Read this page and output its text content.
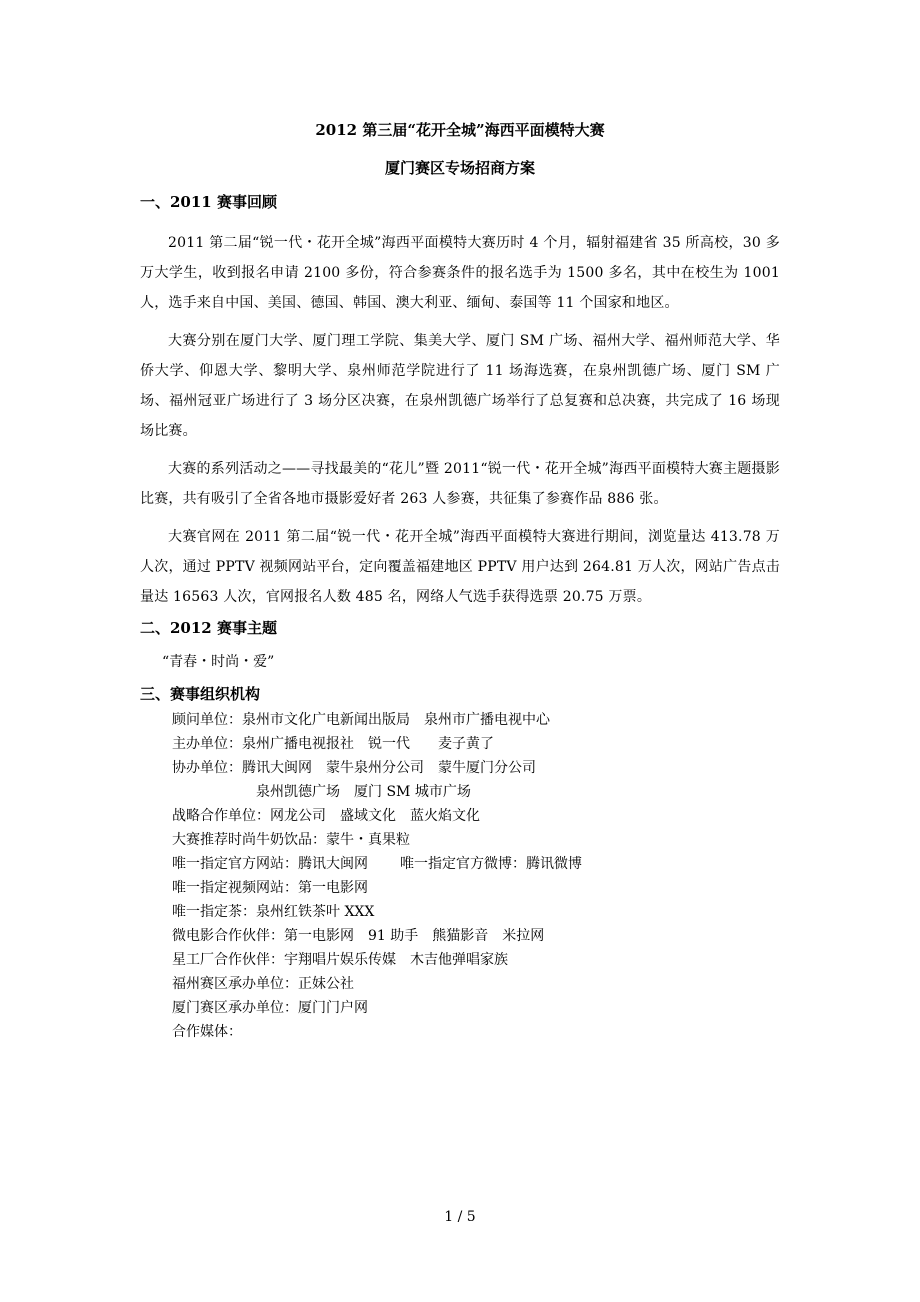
2012 第三届“花开全城”海西平面模特大赛
厦门赛区专场招商方案
一、2011 赛事回顾

2011 第二届“锐一代・花开全城”海西平面模特大赛历时 4 个月，辐射福建省 35 所高校，30 多万大学生，收到报名申请 2100 多份，符合参赛条件的报名选手为 1500 多名，其中在校生为 1001 人，选手来自中国、美国、德国、韩国、澳大利亚、缅甸、泰国等 11 个国家和地区。

大赛分别在厦门大学、厦门理工学院、集美大学、厦门 SM 广场、福州大学、福州师范大学、华侨大学、仰恩大学、黎明大学、泉州师范学院进行了 11 场海选赛，在泉州凯德广场、厦门 SM 广场、福州冠亚广场进行了 3 场分区决赛，在泉州凯德广场举行了总复赛和总决赛，共完成了 16 场现场比赛。

大赛的系列活动之——寻找最美的“花儿”暨 2011“锐一代・花开全城”海西平面模特大赛主题摄影比赛，共有吸引了全省各地市摄影爱好者 263 人参赛，共征集了参赛作品 886 张。

大赛官网在 2011 第二届“锐一代・花开全城”海西平面模特大赛进行期间，浏览量达 413.78 万人次，通过 PPTV 视频网站平台，定向覆盖福建地区 PPTV 用户达到 264.81 万人次，网站广告点击量达 16563 人次，官网报名人数 485 名，网络人气选手获得选票 20.75 万票。

二、2012 赛事主题

“青春・时尚・爱”

三、赛事组织机构
顾问单位：泉州市文化广电新闻出版局 泉州市广播电视中心
主办单位：泉州广播电视报社 锐一代 麦子黄了
协办单位：腾讯大闽网 蒙牛泉州分公司 蒙牛厦门分公司
泉州凯德广场 厦门 SM 城市广场
战略合作单位：网龙公司 盛域文化 蓝火焰文化
大赛推荐时尚牛奶饮品：蒙牛・真果粒
唯一指定官方网站：腾讯大闽网 唯一指定官方微博：腾讯微博
唯一指定视频网站：第一电影网
唯一指定茶：泉州红铁茶叶 XXX
微电影合作伙伴：第一电影网 91 助手 熊猫影音 米拉网
星工厂合作伙伴：宇翔唱片娱乐传媒 木吉他弹唱家族
福州赛区承办单位：正妹公社
厦门赛区承办单位：厦门门户网
合作媒体：
1 / 5
